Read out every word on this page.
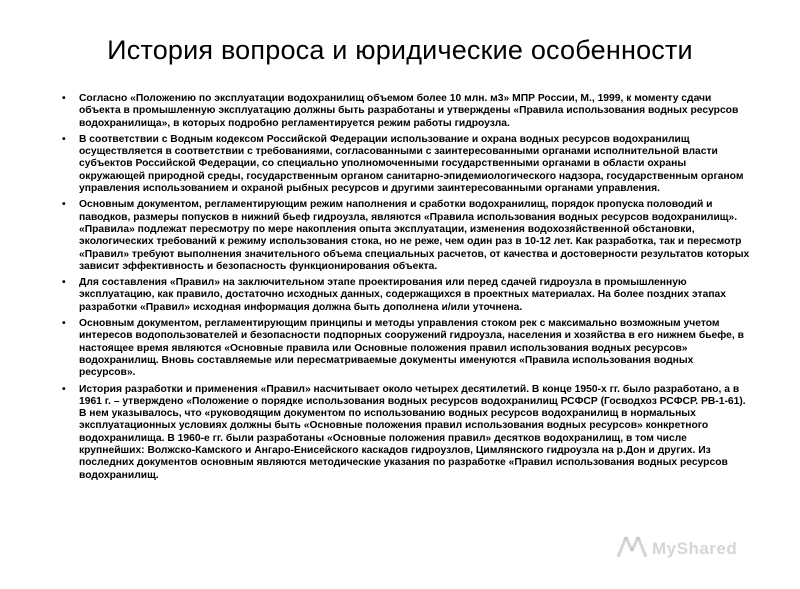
История вопроса и юридические особенности
• Согласно «Положению по эксплуатации водохранилищ объемом более 10 млн. м3» МПР России, М., 1999, к моменту сдачи объекта в промышленную эксплуатацию должны быть разработаны и утверждены «Правила использования водных ресурсов водохранилища», в которых подробно регламентируется режим работы гидроузла.
• В соответствии с Водным кодексом Российской Федерации использование и охрана водных ресурсов водохранилищ осуществляется в соответствии с требованиями, согласованными с заинтересованными органами исполнительной власти субъектов Российской Федерации, со специально уполномоченными государственными органами в области охраны окружающей природной среды, государственным органом санитарно-эпидемиологического надзора, государственным органом управления использованием и охраной рыбных ресурсов и другими заинтересованными органами управления.
• Основным документом, регламентирующим режим наполнения и сработки водохранилищ, порядок пропуска половодий и паводков, размеры попусков в нижний бьеф гидроузла, являются «Правила использования водных ресурсов водохранилищ». «Правила» подлежат пересмотру по мере накопления опыта эксплуатации, изменения водохозяйственной обстановки, экологических требований к режиму использования стока, но не реже, чем один раз в 10-12 лет. Как разработка, так и пересмотр «Правил» требуют выполнения значительного объема специальных расчетов, от качества и достоверности результатов которых зависит эффективность и безопасность функционирования объекта.
• Для составления «Правил» на заключительном этапе проектирования или перед сдачей гидроузла в промышленную эксплуатацию, как правило, достаточно исходных данных, содержащихся в проектных материалах. На более поздних этапах разработки «Правил» исходная информация должна быть дополнена и/или уточнена.
• Основным документом, регламентирующим принципы и методы управления стоком рек с максимально возможным учетом интересов водопользователей и безопасности подпорных сооружений гидроузла, населения и хозяйства в его нижнем бьефе, в настоящее время являются «Основные правила или Основные положения правил использования водных ресурсов» водохранилищ. Вновь составляемые или пересматриваемые документы именуются «Правила использования водных ресурсов».
• История разработки и применения «Правил» насчитывает около четырех десятилетий. В конце 1950-х гг. было разработано, а в 1961 г. – утверждено «Положение о порядке использования водных ресурсов водохранилищ РСФСР (Госводхоз РСФСР. РВ-1-61). В нем указывалось, что «руководящим документом по использованию водных ресурсов водохранилищ в нормальных эксплуатационных условиях должны быть «Основные положения правил использования водных ресурсов» конкретного водохранилища. В 1960-е гг. были разработаны «Основные положения правил» десятков водохранилищ, в том числе крупнейших: Волжско-Камского и Ангаро-Енисейского каскадов гидроузлов, Цимлянского гидроузла на р.Дон и других. Из последних документов основным являются методические указания по разработке «Правил использования водных ресурсов водохранилищ.
MyShared
